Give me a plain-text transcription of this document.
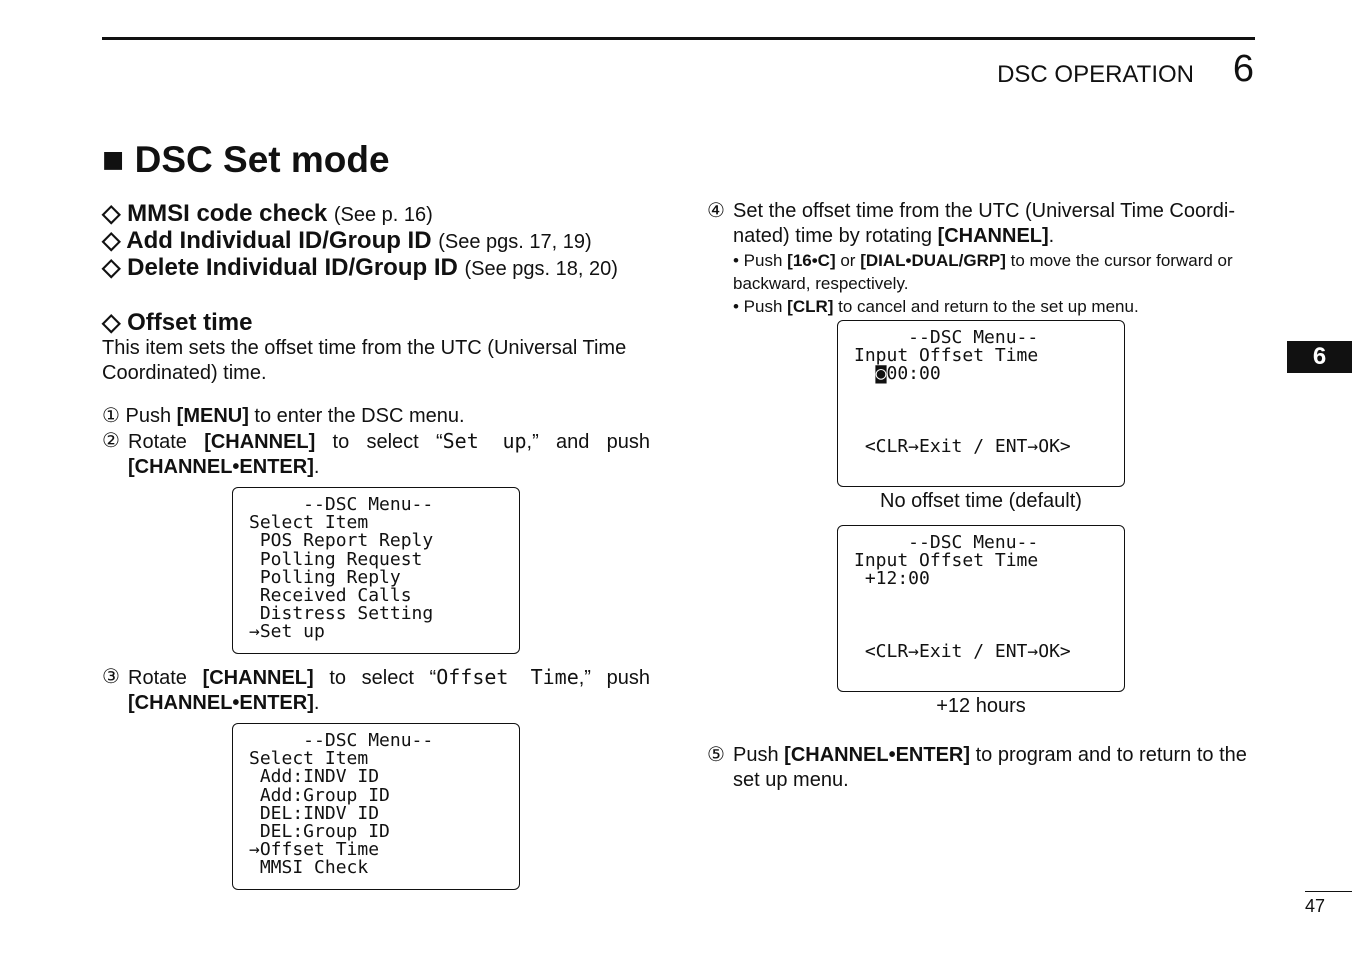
DSC OPERATION 6
■ DSC Set mode
◇ MMSI code check (See p. 16)
◇ Add Individual ID/Group ID (See pgs. 17, 19)
◇ Delete Individual ID/Group ID (See pgs. 18, 20)
◇ Offset time
This item sets the offset time from the UTC (Universal Time Coordinated) time.
① Push [MENU] to enter the DSC menu.
② Rotate [CHANNEL] to select “Set up,” and push
[CHANNEL•ENTER].
--DSC Menu--
Select Item
POS Report Reply
Polling Request
Polling Reply
Received Calls
Distress Setting
→Set up
③ Rotate [CHANNEL] to select “Offset Time,” push
[CHANNEL•ENTER].
--DSC Menu--
Select Item
Add:INDV ID
Add:Group ID
DEL:INDV ID
DEL:Group ID
→Offset Time
MMSI Check
④ Set the offset time from the UTC (Universal Time Coordi-nated) time by rotating [CHANNEL].
• Push [16•C] or [DIAL•DUAL/GRP] to move the cursor forward or backward, respectively.
• Push [CLR] to cancel and return to the set up menu.
--DSC Menu--
Input Offset Time
◙00:00

<CLR→Exit / ENT→OK>
No offset time (default)
--DSC Menu--
Input Offset Time
+12:00

<CLR→Exit / ENT→OK>
+12 hours
⑤ Push [CHANNEL•ENTER] to program and to return to the set up menu.
6
47
